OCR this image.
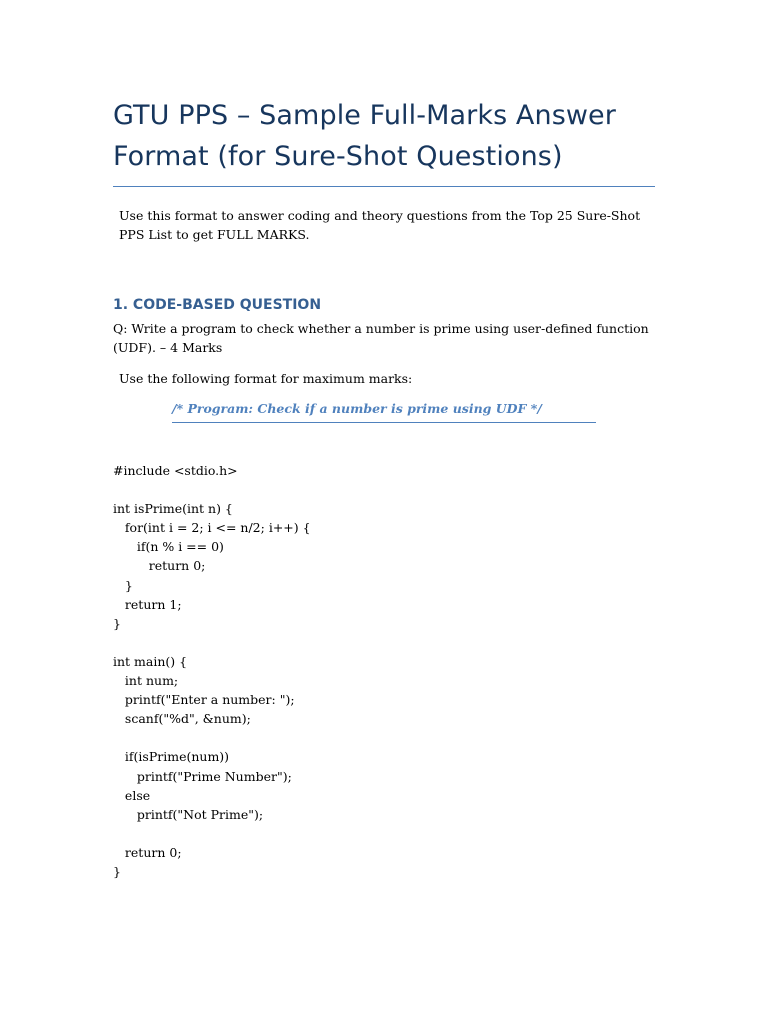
GTU PPS – Sample Full-Marks Answer Format (for Sure-Shot Questions)

Use this format to answer coding and theory questions from the Top 25 Sure-Shot PPS List to get FULL MARKS.

1. CODE-BASED QUESTION

Q: Write a program to check whether a number is prime using user-defined function (UDF). – 4 Marks

Use the following format for maximum marks:

/* Program: Check if a number is prime using UDF */
#include <stdio.h>
int isPrime(int n) {
for(int i = 2; i <= n/2; i++) {
if(n % i == 0)
return 0;
}
return 1;
}
int main() {
int num;
printf("Enter a number: ");
scanf("%d", &num);
if(isPrime(num))
printf("Prime Number");
else
printf("Not Prime");
return 0;
}
